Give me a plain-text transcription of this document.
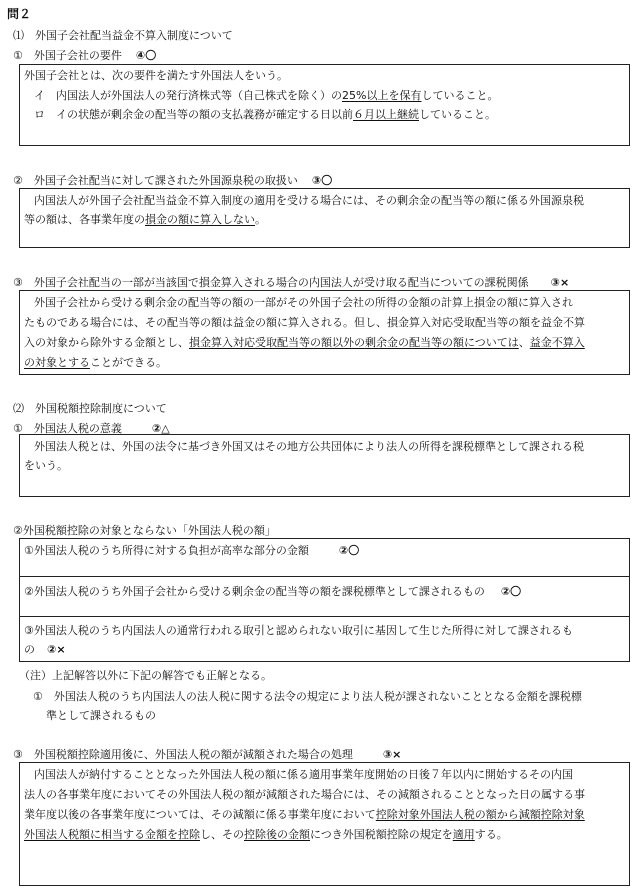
問２
⑴　外国子会社配当益金不算入制度について
①　外国子会社の要件 ④〇
外国子会社とは、次の要件を満たす外国法人をいう。
イ　内国法人が外国法人の発行済株式等（自己株式を除く）の25%以上を保有していること。
ロ　イの状態が剰余金の配当等の額の支払義務が確定する日以前６月以上継続していること。
②　外国子会社配当に対して課された外国源泉税の取扱い ③〇
内国法人が外国子会社配当益金不算入制度の適用を受ける場合には、その剰余金の配当等の額に係る外国源泉税
等の額は、各事業年度の損金の額に算入しない。
③　外国子会社配当の一部が当該国で損金算入される場合の内国法人が受け取る配当についての課税関係 ③×
外国子会社から受ける剰余金の配当等の額の一部がその外国子会社の所得の金額の計算上損金の額に算入され
たものである場合には、その配当等の額は益金の額に算入される。但し、損金算入対応受取配当等の額を益金不算
入の対象から除外する金額とし、損金算入対応受取配当等の額以外の剰余金の配当等の額については、益金不算入
の対象とすることができる。
⑵　外国税額控除制度について
①　外国法人税の意義	②△
外国法人税とは、外国の法令に基づき外国又はその地方公共団体により法人の所得を課税標準として課される税
をいう。
②外国税額控除の対象とならない「外国法人税の額」
①外国法人税のうち所得に対する負担が高率な部分の金額	②〇
②外国法人税のうち外国子会社から受ける剰余金の配当等の額を課税標準として課されるもの ②〇
③外国法人税のうち内国法人の通常行われる取引と認められない取引に基因して生じた所得に対して課されるも
の ②×
（注）上記解答以外に下記の解答でも正解となる。
①　外国法人税のうち内国法人の法人税に関する法令の規定により法人税が課されないこととなる金額を課税標
準として課されるもの
③　外国税額控除適用後に、外国法人税の額が減額された場合の処理	③×
内国法人が納付することとなった外国法人税の額に係る適用事業年度開始の日後７年以内に開始するその内国
法人の各事業年度においてその外国法人税の額が減額された場合には、その減額されることとなった日の属する事
業年度以後の各事業年度については、その減額に係る事業年度において控除対象外国法人税の額から減額控除対象
外国法人税額に相当する金額を控除し、その控除後の金額につき外国税額控除の規定を適用する。
